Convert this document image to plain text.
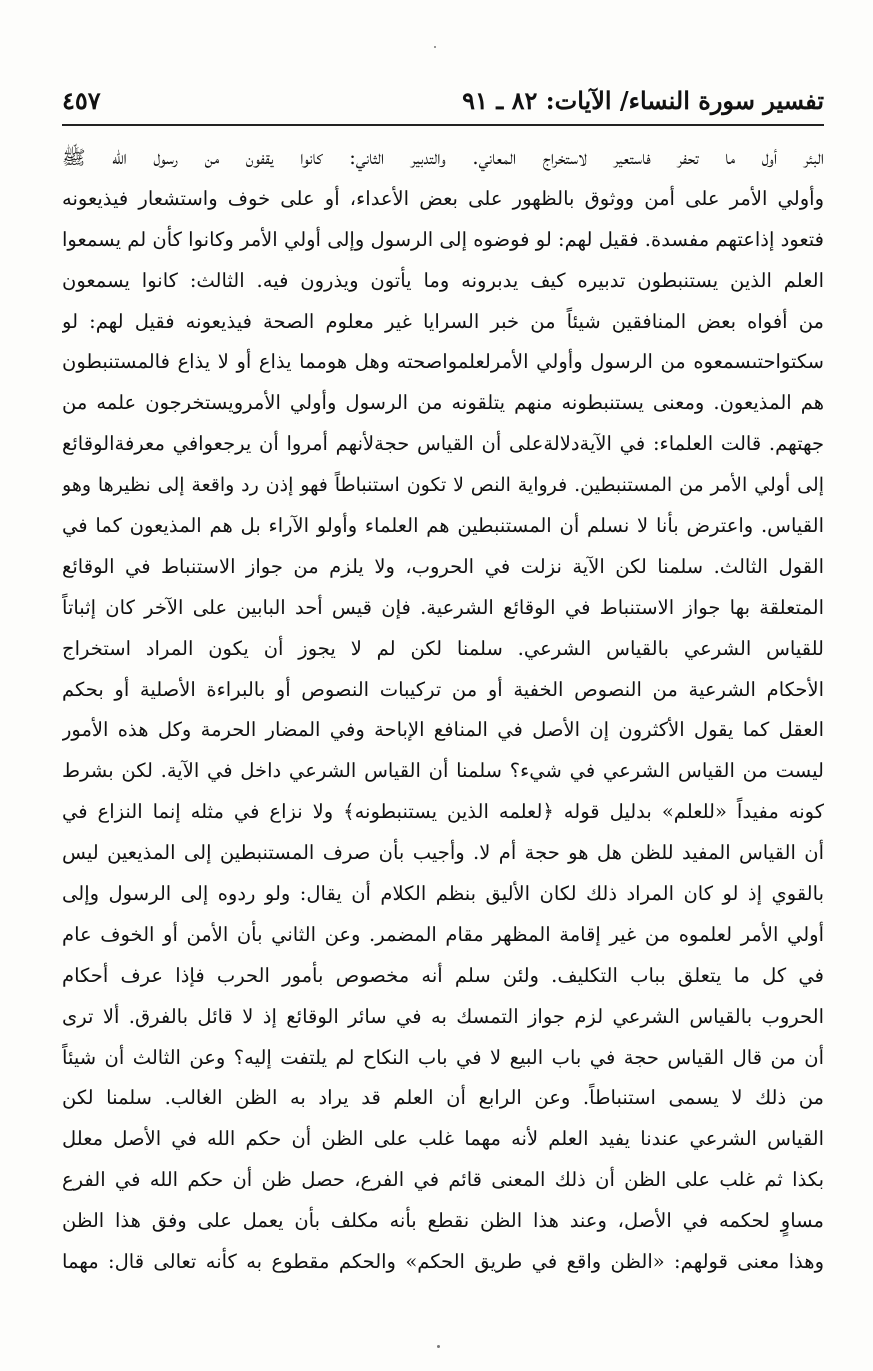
تفسير سورة النساء/ الآيات: ٨٢ ـ ٩١
٤٥٧
البئر أول ما تحفر فاستعير لاستخراج المعاني. والتدبير الثاني: كانوا يقفون من رسول الله ﷺ
وأولي الأمر على أمن ووثوق بالظهور على بعض الأعداء، أو على خوف واستشعار فيذيعونه
فتعود إذاعتهم مفسدة. فقيل لهم: لو فوضوه إلى الرسول وإلى أولي الأمر وكانوا كأن لم يسمعوا
العلم الذين يستنبطون تدبيره كيف يدبرونه وما يأتون ويذرون فيه. الثالث: كانوا يسمعون
من أفواه بعض المنافقين شيئاً من خبر السرايا غير معلوم الصحة فيذيعونه فقيل لهم: لو
سكتواحتىسمعوه من الرسول وأولي الأمرلعلمواصحته وهل هومما يذاع أو لا يذاع فالمستنبطون
هم المذيعون. ومعنى يستنبطونه منهم يتلقونه من الرسول وأولي الأمرويستخرجون علمه من
جهتهم. قالت العلماء: في الآيةدلالةعلى أن القياس حجةلأنهم أمروا أن يرجعوافي معرفةالوقائع
إلى أولي الأمر من المستنبطين. فرواية النص لا تكون استنباطاً فهو إذن رد واقعة إلى نظيرها وهو
القياس. واعترض بأنا لا نسلم أن المستنبطين هم العلماء وأولو الآراء بل هم المذيعون كما في
القول الثالث. سلمنا لكن الآية نزلت في الحروب، ولا يلزم من جواز الاستنباط في الوقائع
المتعلقة بها جواز الاستنباط في الوقائع الشرعية. فإن قيس أحد البابين على الآخر كان إثباتاً
للقياس الشرعي بالقياس الشرعي. سلمنا لكن لم لا يجوز أن يكون المراد استخراج
الأحكام الشرعية من النصوص الخفية أو من تركيبات النصوص أو بالبراءة الأصلية أو بحكم
العقل كما يقول الأكثرون إن الأصل في المنافع الإباحة وفي المضار الحرمة وكل هذه الأمور
ليست من القياس الشرعي في شيء؟ سلمنا أن القياس الشرعي داخل في الآية. لكن بشرط
كونه مفيداً «للعلم» بدليل قوله ﴿لعلمه الذين يستنبطونه﴾ ولا نزاع في مثله إنما النزاع في
أن القياس المفيد للظن هل هو حجة أم لا. وأجيب بأن صرف المستنبطين إلى المذيعين ليس
بالقوي إذ لو كان المراد ذلك لكان الأليق بنظم الكلام أن يقال: ولو ردوه إلى الرسول وإلى
أولي الأمر لعلموه من غير إقامة المظهر مقام المضمر. وعن الثاني بأن الأمن أو الخوف عام
في كل ما يتعلق بباب التكليف. ولئن سلم أنه مخصوص بأمور الحرب فإذا عرف أحكام
الحروب بالقياس الشرعي لزم جواز التمسك به في سائر الوقائع إذ لا قائل بالفرق. ألا ترى
أن من قال القياس حجة في باب البيع لا في باب النكاح لم يلتفت إليه؟ وعن الثالث أن شيئاً
من ذلك لا يسمى استنباطاً. وعن الرابع أن العلم قد يراد به الظن الغالب. سلمنا لكن
القياس الشرعي عندنا يفيد العلم لأنه مهما غلب على الظن أن حكم الله في الأصل معلل
بكذا ثم غلب على الظن أن ذلك المعنى قائم في الفرع، حصل ظن أن حكم الله في الفرع
مساوٍ لحكمه في الأصل، وعند هذا الظن نقطع بأنه مكلف بأن يعمل على وفق هذا الظن
وهذا معنى قولهم: «الظن واقع في طريق الحكم» والحكم مقطوع به كأنه تعالى قال: مهما
